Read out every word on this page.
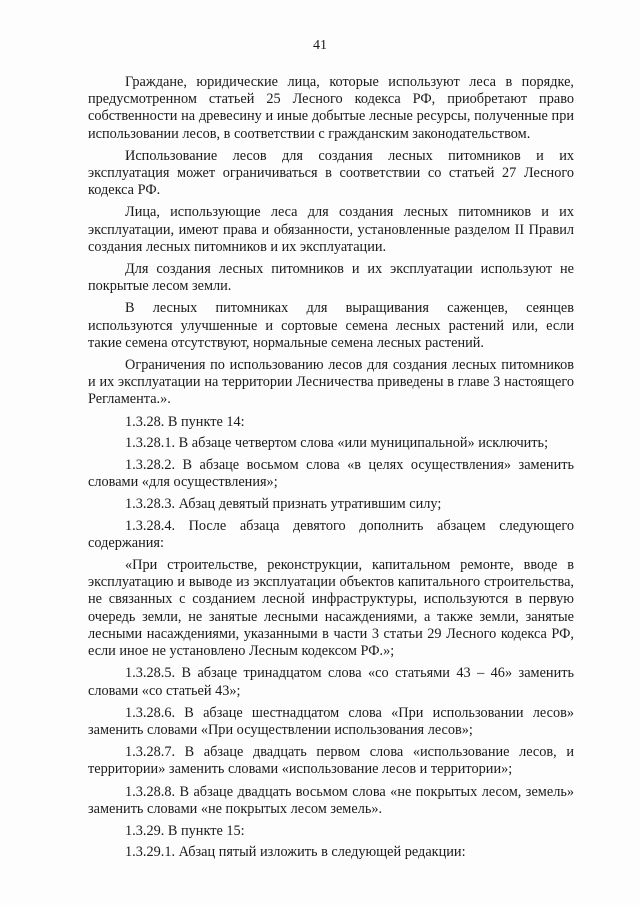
41

Граждане, юридические лица, которые используют леса в порядке, предусмотренном статьей 25 Лесного кодекса РФ, приобретают право собственности на древесину и иные добытые лесные ресурсы, полученные при использовании лесов, в соответствии с гражданским законодательством.

Использование лесов для создания лесных питомников и их эксплуатация может ограничиваться в соответствии со статьей 27 Лесного кодекса РФ.

Лица, использующие леса для создания лесных питомников и их эксплуатации, имеют права и обязанности, установленные разделом II Правил создания лесных питомников и их эксплуатации.

Для создания лесных питомников и их эксплуатации используют не покрытые лесом земли.

В лесных питомниках для выращивания саженцев, сеянцев используются улучшенные и сортовые семена лесных растений или, если такие семена отсутствуют, нормальные семена лесных растений.

Ограничения по использованию лесов для создания лесных питомников и их эксплуатации на территории Лесничества приведены в главе 3 настоящего Регламента.».

1.3.28. В пункте 14:

1.3.28.1. В абзаце четвертом слова «или муниципальной» исключить;

1.3.28.2. В абзаце восьмом слова «в целях осуществления» заменить словами «для осуществления»;

1.3.28.3. Абзац девятый признать утратившим силу;

1.3.28.4. После абзаца девятого дополнить абзацем следующего содержания:

«При строительстве, реконструкции, капитальном ремонте, вводе в эксплуатацию и выводе из эксплуатации объектов капитального строительства, не связанных с созданием лесной инфраструктуры, используются в первую очередь земли, не занятые лесными насаждениями, а также земли, занятые лесными насаждениями, указанными в части 3 статьи 29 Лесного кодекса РФ, если иное не установлено Лесным кодексом РФ.»;

1.3.28.5. В абзаце тринадцатом слова «со статьями 43 – 46» заменить словами «со статьей 43»;

1.3.28.6. В абзаце шестнадцатом слова «При использовании лесов» заменить словами «При осуществлении использования лесов»;

1.3.28.7. В абзаце двадцать первом слова «использование лесов, и территории» заменить словами «использование лесов и территории»;

1.3.28.8. В абзаце двадцать восьмом слова «не покрытых лесом, земель» заменить словами «не покрытых лесом земель».

1.3.29. В пункте 15:

1.3.29.1. Абзац пятый изложить в следующей редакции:
